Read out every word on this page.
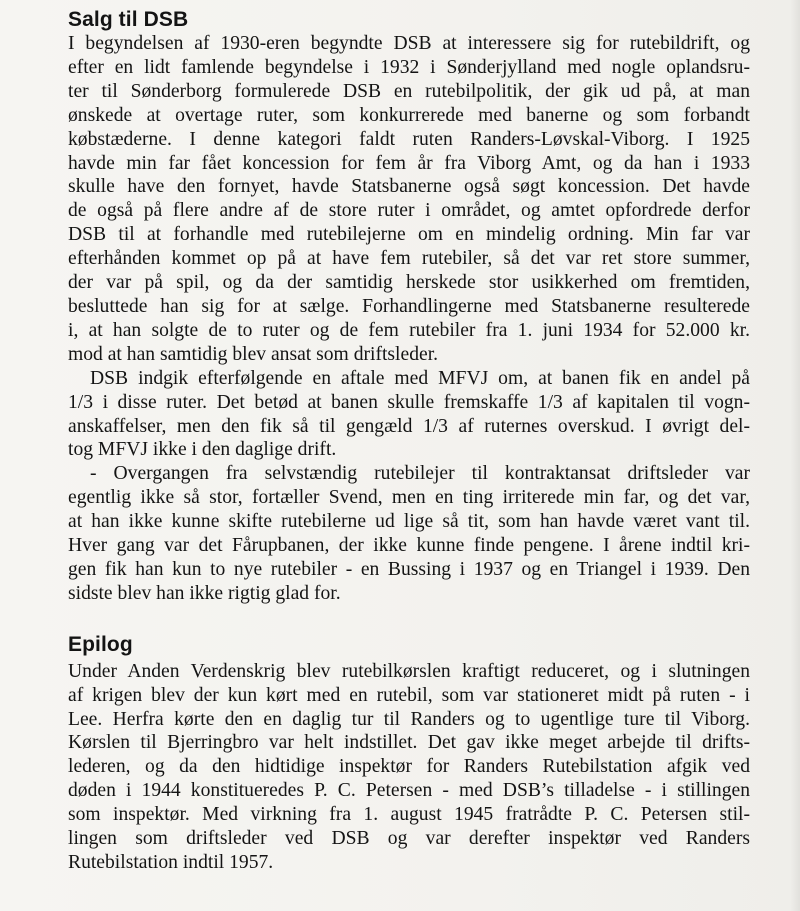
Salg til DSB

I begyndelsen af 1930-eren begyndte DSB at interessere sig for rutebildrift, og
efter en lidt famlende begyndelse i 1932 i Sønderjylland med nogle oplandsru-
ter til Sønderborg formulerede DSB en rutebilpolitik, der gik ud på, at man
ønskede at overtage ruter, som konkurrerede med banerne og som forbandt
købstæderne. I denne kategori faldt ruten Randers-Løvskal-Viborg. I 1925
havde min far fået koncession for fem år fra Viborg Amt, og da han i 1933
skulle have den fornyet, havde Statsbanerne også søgt koncession. Det havde
de også på flere andre af de store ruter i området, og amtet opfordrede derfor
DSB til at forhandle med rutebilejerne om en mindelig ordning. Min far var
efterhånden kommet op på at have fem rutebiler, så det var ret store summer,
der var på spil, og da der samtidig herskede stor usikkerhed om fremtiden,
besluttede han sig for at sælge. Forhandlingerne med Statsbanerne resulterede
i, at han solgte de to ruter og de fem rutebiler fra 1. juni 1934 for 52.000 kr.
mod at han samtidig blev ansat som driftsleder.

DSB indgik efterfølgende en aftale med MFVJ om, at banen fik en andel på
1/3 i disse ruter. Det betød at banen skulle fremskaffe 1/3 af kapitalen til vogn-
anskaffelser, men den fik så til gengæld 1/3 af ruternes overskud. I øvrigt del-
tog MFVJ ikke i den daglige drift.

- Overgangen fra selvstændig rutebilejer til kontraktansat driftsleder var
egentlig ikke så stor, fortæller Svend, men en ting irriterede min far, og det var,
at han ikke kunne skifte rutebilerne ud lige så tit, som han havde været vant til.
Hver gang var det Fårupbanen, der ikke kunne finde pengene. I årene indtil kri-
gen fik han kun to nye rutebiler - en Bussing i 1937 og en Triangel i 1939. Den
sidste blev han ikke rigtig glad for.

Epilog

Under Anden Verdenskrig blev rutebilkørslen kraftigt reduceret, og i slutningen
af krigen blev der kun kørt med en rutebil, som var stationeret midt på ruten - i
Lee. Herfra kørte den en daglig tur til Randers og to ugentlige ture til Viborg.
Kørslen til Bjerringbro var helt indstillet. Det gav ikke meget arbejde til drifts-
lederen, og da den hidtidige inspektør for Randers Rutebilstation afgik ved
døden i 1944 konstitueredes P. C. Petersen - med DSB’s tilladelse - i stillingen
som inspektør. Med virkning fra 1. august 1945 fratrådte P. C. Petersen stil-
lingen som driftsleder ved DSB og var derefter inspektør ved Randers
Rutebilstation indtil 1957.
